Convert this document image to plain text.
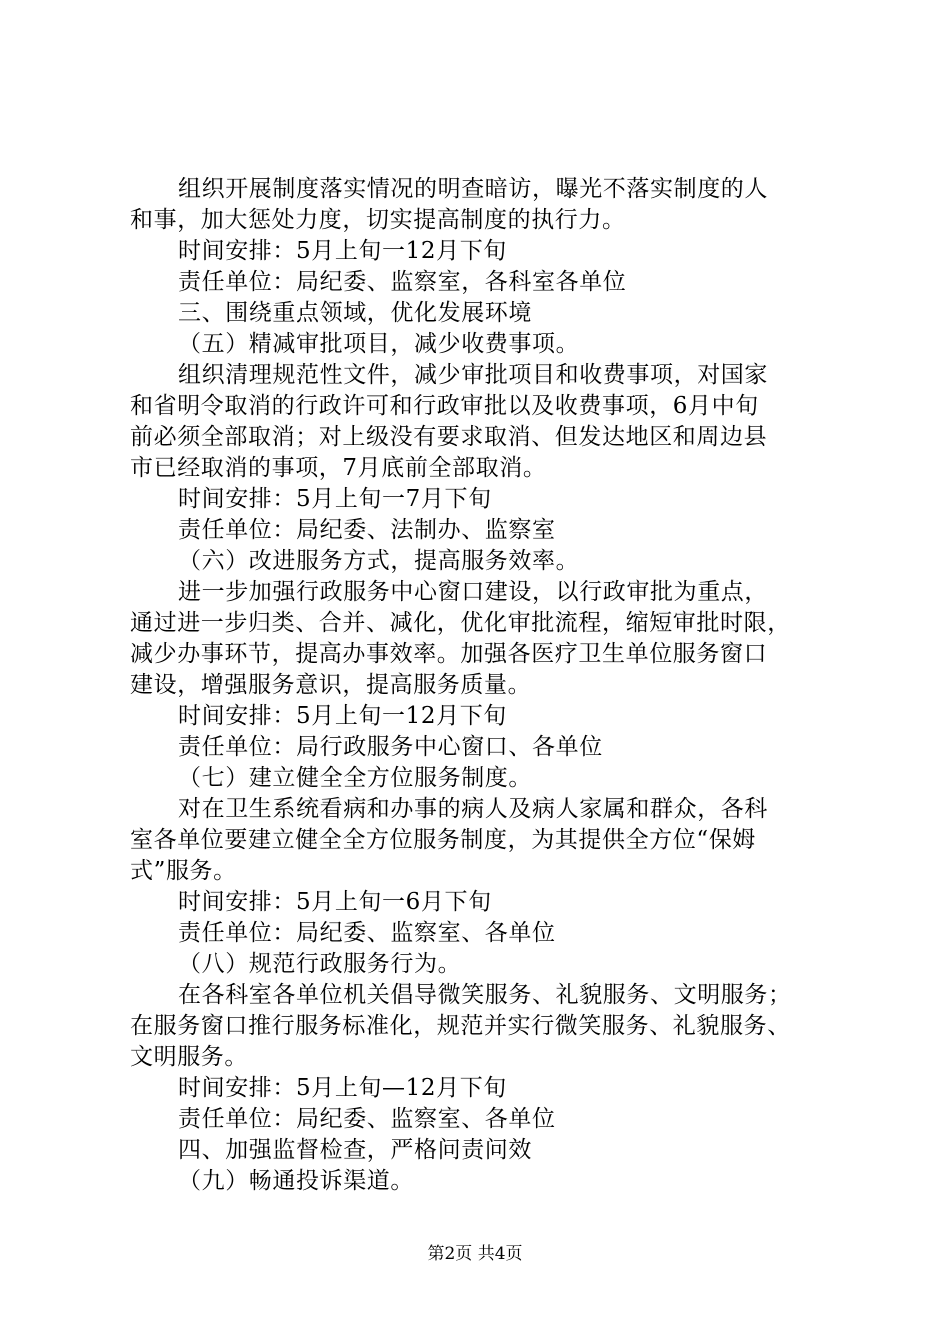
组织开展制度落实情况的明查暗访，曝光不落实制度的人

和事，加大惩处力度，切实提高制度的执行力。

时间安排：5月上旬一12月下旬

责任单位：局纪委、监察室，各科室各单位

三、围绕重点领域，优化发展环境

（五）精减审批项目，减少收费事项。

组织清理规范性文件，减少审批项目和收费事项，对国家

和省明令取消的行政许可和行政审批以及收费事项，6月中旬

前必须全部取消；对上级没有要求取消、但发达地区和周边县

市已经取消的事项，7月底前全部取消。

时间安排：5月上旬一7月下旬

责任单位：局纪委、法制办、监察室

（六）改进服务方式，提高服务效率。

进一步加强行政服务中心窗口建设，以行政审批为重点，

通过进一步归类、合并、减化，优化审批流程，缩短审批时限，

减少办事环节，提高办事效率。加强各医疗卫生单位服务窗口

建设，增强服务意识，提高服务质量。

时间安排：5月上旬一12月下旬

责任单位：局行政服务中心窗口、各单位

（七）建立健全全方位服务制度。

对在卫生系统看病和办事的病人及病人家属和群众，各科

室各单位要建立健全全方位服务制度，为其提供全方位“保姆

式”服务。

时间安排：5月上旬一6月下旬

责任单位：局纪委、监察室、各单位

（八）规范行政服务行为。

在各科室各单位机关倡导微笑服务、礼貌服务、文明服务；

在服务窗口推行服务标准化，规范并实行微笑服务、礼貌服务、

文明服务。

时间安排：5月上旬—12月下旬

责任单位：局纪委、监察室、各单位

四、加强监督检查，严格问责问效

（九）畅通投诉渠道。

第2页 共4页
